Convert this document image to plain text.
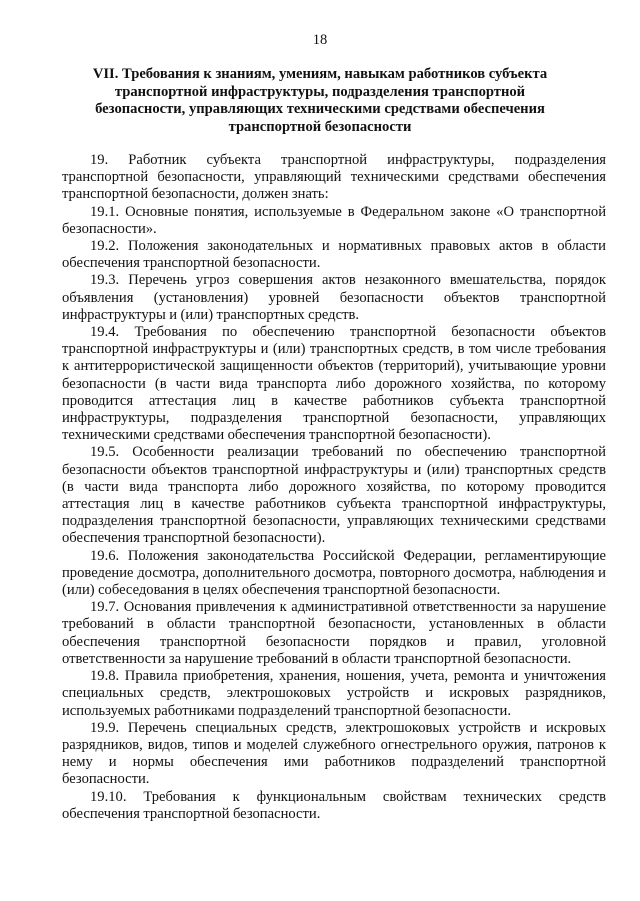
18
VII. Требования к знаниям, умениям, навыкам работников субъекта транспортной инфраструктуры, подразделения транспортной безопасности, управляющих техническими средствами обеспечения транспортной безопасности

19. Работник субъекта транспортной инфраструктуры, подразделения транспортной безопасности, управляющий техническими средствами обеспечения транспортной безопасности, должен знать:

19.1. Основные понятия, используемые в Федеральном законе «О транспортной безопасности».

19.2. Положения законодательных и нормативных правовых актов в области обеспечения транспортной безопасности.

19.3. Перечень угроз совершения актов незаконного вмешательства, порядок объявления (установления) уровней безопасности объектов транспортной инфраструктуры и (или) транспортных средств.

19.4. Требования по обеспечению транспортной безопасности объектов транспортной инфраструктуры и (или) транспортных средств, в том числе требования к антитеррористической защищенности объектов (территорий), учитывающие уровни безопасности (в части вида транспорта либо дорожного хозяйства, по которому проводится аттестация лиц в качестве работников субъекта транспортной инфраструктуры, подразделения транспортной безопасности, управляющих техническими средствами обеспечения транспортной безопасности).

19.5. Особенности реализации требований по обеспечению транспортной безопасности объектов транспортной инфраструктуры и (или) транспортных средств (в части вида транспорта либо дорожного хозяйства, по которому проводится аттестация лиц в качестве работников субъекта транспортной инфраструктуры, подразделения транспортной безопасности, управляющих техническими средствами обеспечения транспортной безопасности).

19.6. Положения законодательства Российской Федерации, регламентирующие проведение досмотра, дополнительного досмотра, повторного досмотра, наблюдения и (или) собеседования в целях обеспечения транспортной безопасности.

19.7. Основания привлечения к административной ответственности за нарушение требований в области транспортной безопасности, установленных в области обеспечения транспортной безопасности порядков и правил, уголовной ответственности за нарушение требований в области транспортной безопасности.

19.8. Правила приобретения, хранения, ношения, учета, ремонта и уничтожения специальных средств, электрошоковых устройств и искровых разрядников, используемых работниками подразделений транспортной безопасности.

19.9. Перечень специальных средств, электрошоковых устройств и искровых разрядников, видов, типов и моделей служебного огнестрельного оружия, патронов к нему и нормы обеспечения ими работников подразделений транспортной безопасности.

19.10. Требования к функциональным свойствам технических средств обеспечения транспортной безопасности.
